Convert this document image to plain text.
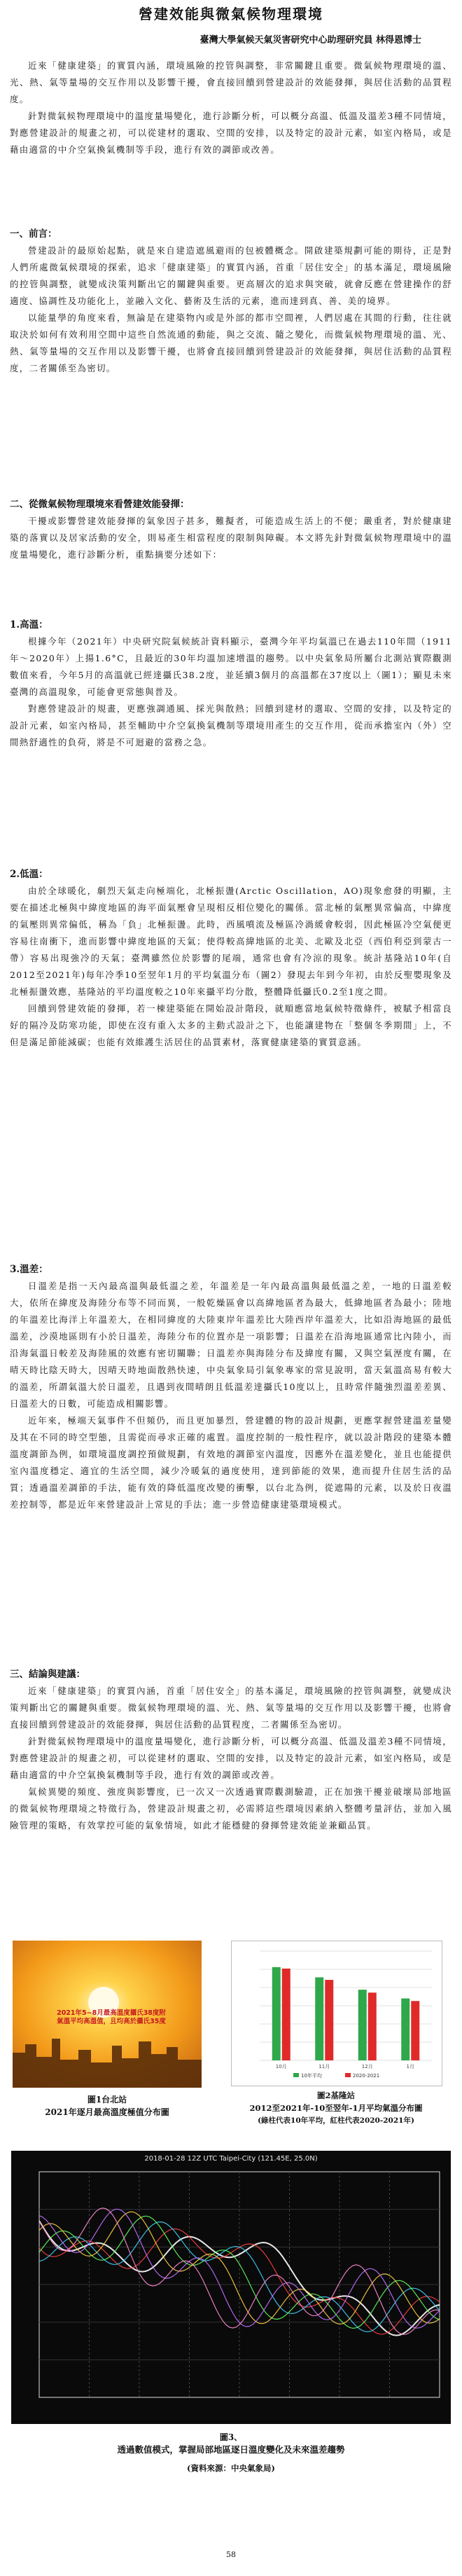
營建效能與微氣候物理環境
臺灣大學氣候天氣災害研究中心助理研究員 林得恩博士

近來「健康建築」的實質內涵，環境風險的控管與調整，非常關鍵且重要。微氣候物理環境的溫、光、熱、氣等量場的交互作用以及影響干擾，會直接回饋到營建設計的效能發揮，與居住活動的品質程度。

針對微氣候物理環境中的溫度量場變化，進行診斷分析，可以概分高溫、低溫及溫差3種不同情境，對應營建設計的規畫之初，可以從建材的選取、空間的安排，以及特定的設計元素，如室內格局，或是藉由適當的中介空氣換氣機制等手段，進行有效的調節或改善。

一、前言：

營建設計的最原始起點，就是來自建造遮風避雨的包被體概念。開啟建築規劃可能的期待，正是對人們所處微氣候環境的探索，追求「健康建築」的實質內涵，首重「居住安全」的基本滿足，環境風險的控管與調整，就變成決策判斷出它的關鍵與重要。更高層次的追求與突破，就會反應在營建操作的舒適度、協調性及功能化上，並融入文化、藝術及生活的元素，進而達到真、善、美的境界。

以能量學的角度來看，無論是在建築物內或是外部的都市空間裡，人們居處在其間的行動，往往就取決於如何有效利用空間中這些自然流通的動能，與之交流、隨之變化，而微氣候物理環境的溫、光、熱、氣等量場的交互作用以及影響干擾，也將會直接回饋到營建設計的效能發揮，與居住活動的品質程度，二者關係至為密切。

二、從微氣候物理環境來看營建效能發揮：

干擾或影響營建效能發揮的氣象因子甚多，難擬者，可能造成生活上的不便；嚴重者，對於健康建築的落實以及居家活動的安全，則易產生相當程度的限制與障礙。本文將先針對微氣候物理環境中的溫度量場變化，進行診斷分析，重點摘要分述如下：

1.高溫：

根據今年（2021年）中央研究院氣候統計資料顯示，臺灣今年平均氣溫已在過去110年間（1911年～2020年）上揚1.6°C，且最近的30年均溫加速增溫的趨勢。以中央氣象局所屬台北測站實際觀測數值來看，今年5月的高溫就已經達攝氏38.2度，並延續3個月的高溫都在37度以上（圖1）；顯見未來臺灣的高溫現象，可能會更常態與普及。

對應營建設計的規畫，更應強調通風、採光與散熱；回饋到建材的選取、空間的安排，以及特定的設計元素，如室內格局，甚至輔助中介空氣換氣機制等環境用產生的交互作用，從而承擔室內（外）空間熱舒適性的負荷，將是不可迴避的當務之急。

2.低溫：

由於全球暖化，劇烈天氣走向極端化，北極振盪(Arctic Oscillation，AO)現象愈發的明顯，主要在描述北極與中緯度地區的海平面氣壓會呈現相反相位變化的關係。當北極的氣壓異常偏高，中緯度的氣壓則異常偏低，稱為「負」北極振盪。此時，西風噴流及極區冷渦緩會較弱，因此極區冷空氣便更容易往南衝下，進而影響中緯度地區的天氣；使得較高緯地區的北美、北歐及北亞（西伯利亞到蒙古一帶）容易出現強冷的天氣；臺灣雖然位於影響的尾端，通常也會有冷涼的現象。統計基隆站10年(自2012至2021年)每年冷季10至翌年1月的平均氣溫分布（圖2）發現去年到今年初，由於反聖嬰現象及北極振盪效應，基隆站的平均溫度較之10年來攝平均分散，整體降低攝氏0.2至1度之間。

回饋到營建效能的發揮，若一棟建築能在開始設計階段，就順應當地氣候特徵條件，被賦予相當良好的隔冷及防寒功能，即使在沒有重入太多的主動式設計之下，也能讓建物在「整個冬季期間」上，不但是滿足節能減碳；也能有效維護生活居住的品質素材，落實健康建築的實質意涵。

3.溫差：

日溫差是指一天內最高溫與最低溫之差，年溫差是一年內最高溫與最低溫之差，一地的日溫差較大，依所在緯度及海陸分布等不同而異，一般乾燥區會以高緯地區者為最大，低緯地區者為最小；陸地的年溫差比海洋上年溫差大，在相同緯度的大陸東岸年溫差比大陸西岸年溫差大，比如沿海地區的最低溫差，沙漠地區則有小於日溫差，海陸分布的位置亦是一項影響；日溫差在沿海地區通常比內陸小，而沿海氣溫日較差及海陸風的效應有密切關聯；日溫差亦與海陸分布及緯度有關，又與空氣溼度有關，在晴天時比陰天時大，因晴天時地面散熱快速，中央氣象局引氣象專家的常見說明，當天氣溫高易有較大的溫差，所謂氣溫大於日溫差，且遇到夜間晴朗且低溫差達攝氏10度以上，且時常伴隨強烈溫差差異、日溫差大的日數，可能造成相關影響。

近年來，極端天氣事件不但頻仍，而且更加暴烈，營建體的物的設計規劃，更應掌握營建溫差量變及其在不同的時空型態，且需從而尋求正確的處置。溫度控制的一般性程序，就以設計階段的建築本體溫度調節為例，如環境溫度調控預做規劃，有效地的調節室內溫度，因應外在溫差變化，並且也能提供室內溫度穩定、適宜的生活空間，減少冷暖氣的過度使用，達到節能的效果，進而提升住居生活的品質；透過溫差調節的手法，能有效的降低溫度改變的衝擊，以台北為例，從遮陽的元素，以及於日夜溫差控制等，都是近年來營建設計上常見的手法；進一步營造健康建築環境模式。

三、結論與建議：

近來「健康建築」的實質內涵，首重「居住安全」的基本滿足，環境風險的控管與調整，就變成決策判斷出它的關鍵與重要。微氣候物理環境的溫、光、熱、氣等量場的交互作用以及影響干擾，也將會直接回饋到營建設計的效能發揮，與居住活動的品質程度，二者關係至為密切。

針對微氣候物理環境中的溫度量場變化，進行診斷分析，可以概分高溫、低溫及溫差3種不同情境，對應營建設計的規畫之初，可以從建材的選取、空間的安排，以及特定的設計元素，如室內格局，或是藉由適當的中介空氣換氣機制等手段，進行有效的調節或改善。

氣候異變的頻度、強度與影響度，已一次又一次透過實際觀測驗證，正在加強干擾並破壞局部地區的微氣候物理環境之特徵行為，營建設計規畫之初，必需將這些環境因素納入整體考量評估，並加入風險管理的策略，有效掌控可能的氣象情境，如此才能穩健的發揮營建效能並兼顧品質。

2021年5~8月最高溫度攝氏38度附
氣溫平均高溫值，且均高於攝氏35度
圖1台北站
2021年逐月最高溫度極值分布圖
10月	11月	12月	1月
10年平均	2020-2021
圖2基隆站
2012至2021年-10至翌年-1月平均氣溫分布圖
(綠柱代表10年平均，紅柱代表2020-2021年)
2018-01-28 12Z UTC Taipei-City (121.45E, 25.0N)
圖3、
透過數值模式，掌握局部地區逐日溫度變化及未來溫差趨勢
(資料來源：中央氣象局)
58
